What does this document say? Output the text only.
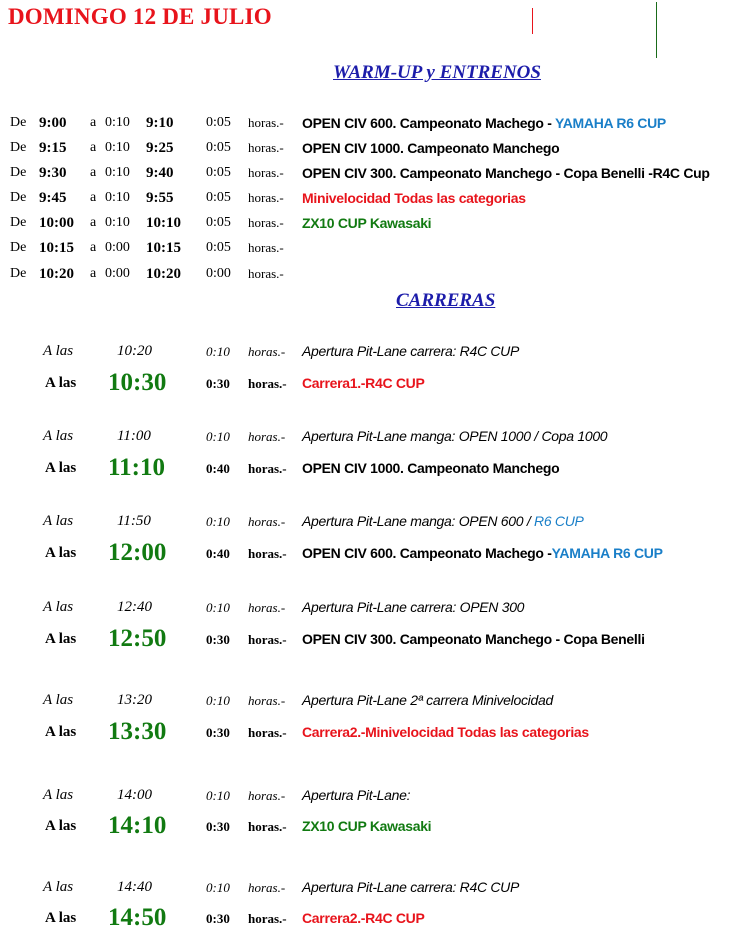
DOMINGO 12 DE JULIO
WARM-UP y ENTRENOS
De 9:00 a 0:10 9:10 0:05 horas.- OPEN CIV 600. Campeonato Machego - YAMAHA R6 CUP
De 9:15 a 0:10 9:25 0:05 horas.- OPEN CIV 1000. Campeonato Manchego
De 9:30 a 0:10 9:40 0:05 horas.- OPEN CIV 300. Campeonato Manchego - Copa Benelli -R4C Cup
De 9:45 a 0:10 9:55 0:05 horas.- Minivelocidad Todas las categorias
De 10:00 a 0:10 10:10 0:05 horas.- ZX10 CUP Kawasaki
De 10:15 a 0:00 10:15 0:05 horas.-
De 10:20 a 0:00 10:20 0:00 horas.-
CARRERAS
A las	10:20	0:10 horas.- Apertura Pit-Lane carrera: R4C CUP
A las 10:30	0:30 horas.- Carrera1.-R4C CUP
A las	11:00	0:10 horas.- Apertura Pit-Lane manga: OPEN 1000 / Copa 1000
A las 11:10	0:40 horas.- OPEN CIV 1000. Campeonato Manchego
A las	11:50	0:10 horas.- Apertura Pit-Lane manga: OPEN 600 / R6 CUP
A las 12:00	0:40 horas.- OPEN CIV 600. Campeonato Machego -YAMAHA R6 CUP
A las	12:40	0:10 horas.- Apertura Pit-Lane carrera: OPEN 300
A las 12:50	0:30 horas.- OPEN CIV 300. Campeonato Manchego - Copa Benelli
A las	13:20	0:10 horas.- Apertura Pit-Lane 2ª carrera Minivelocidad
A las 13:30	0:30 horas.- Carrera2.-Minivelocidad Todas las categorias
A las	14:00	0:10 horas.- Apertura Pit-Lane:
A las 14:10	0:30 horas.- ZX10 CUP Kawasaki
A las	14:40	0:10 horas.- Apertura Pit-Lane carrera: R4C CUP
A las 14:50	0:30 horas.- Carrera2.-R4C CUP
